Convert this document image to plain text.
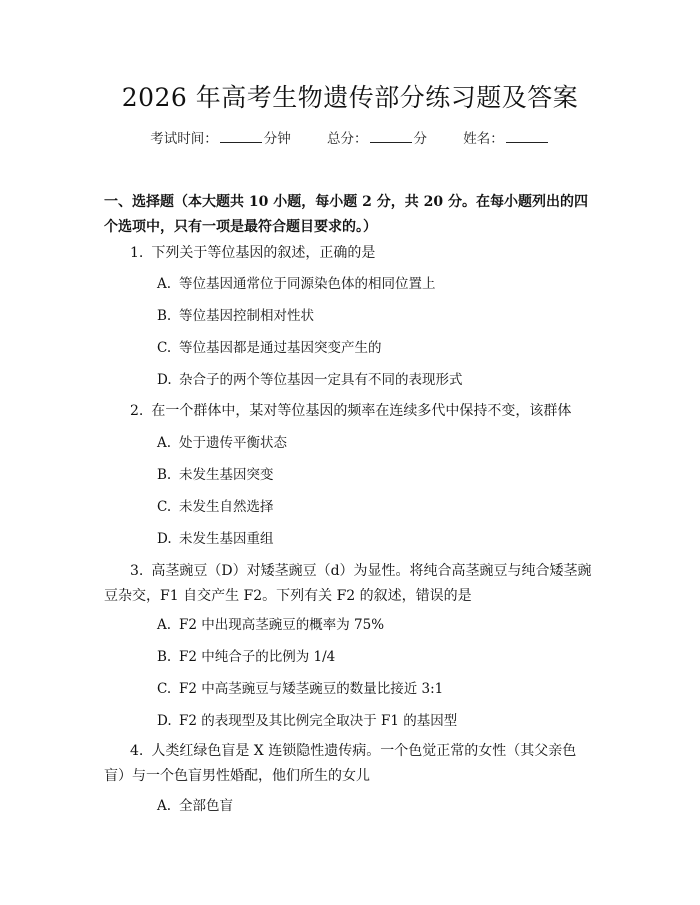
2026 年高考生物遗传部分练习题及答案
考试时间：	分钟	总分：	分	姓名：
一、选择题（本大题共 10 小题，每小题 2 分，共 20 分。在每小题列出的四个选项中，只有一项是最符合题目要求的。）
1. 下列关于等位基因的叙述，正确的是
A. 等位基因通常位于同源染色体的相同位置上
B. 等位基因控制相对性状
C. 等位基因都是通过基因突变产生的
D. 杂合子的两个等位基因一定具有不同的表现形式
2. 在一个群体中，某对等位基因的频率在连续多代中保持不变，该群体
A. 处于遗传平衡状态
B. 未发生基因突变
C. 未发生自然选择
D. 未发生基因重组
3. 高茎豌豆（D）对矮茎豌豆（d）为显性。将纯合高茎豌豆与纯合矮茎豌豆杂交，F1 自交产生 F2。下列有关 F2 的叙述，错误的是
A. F2 中出现高茎豌豆的概率为 75%
B. F2 中纯合子的比例为 1/4
C. F2 中高茎豌豆与矮茎豌豆的数量比接近 3:1
D. F2 的表现型及其比例完全取决于 F1 的基因型
4. 人类红绿色盲是 X 连锁隐性遗传病。一个色觉正常的女性（其父亲色盲）与一个色盲男性婚配，他们所生的女儿
A. 全部色盲
